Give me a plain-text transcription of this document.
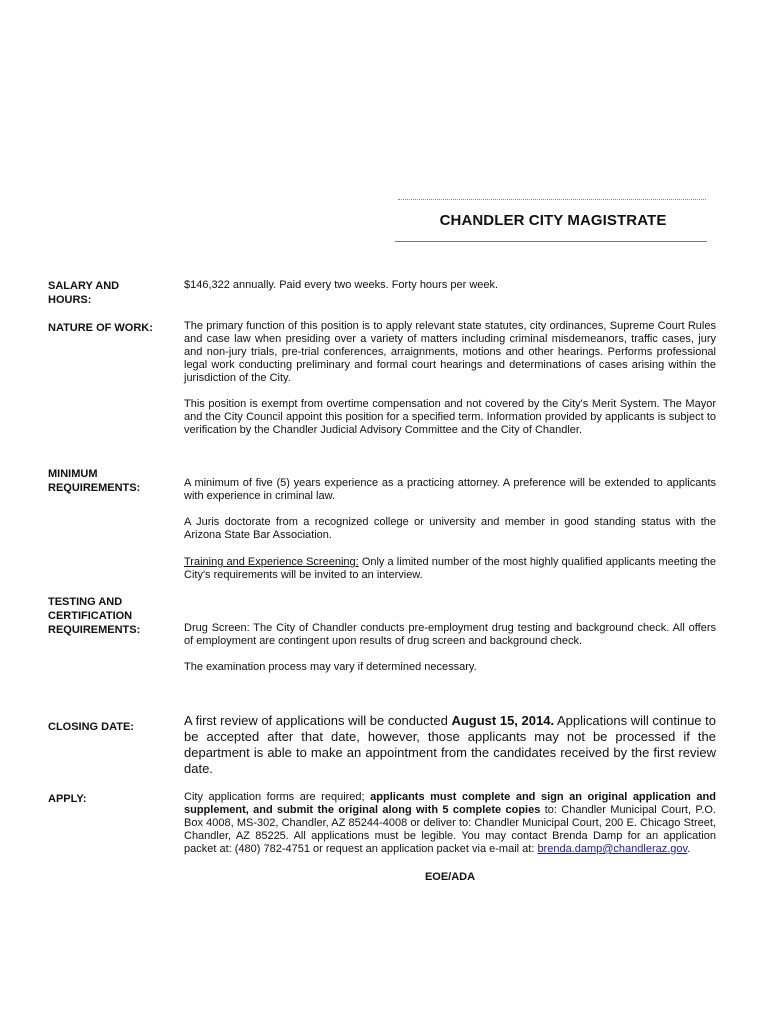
CHANDLER CITY MAGISTRATE
SALARY AND
HOURS:
$146,322 annually. Paid every two weeks. Forty hours per week.
NATURE OF WORK:	The primary function of this position is to apply relevant state statutes, city ordinances, Supreme Court Rules and case law when presiding over a variety of matters including criminal misdemeanors, traffic cases, jury and non-jury trials, pre-trial conferences, arraignments, motions and other hearings. Performs professional legal work conducting preliminary and formal court hearings and determinations of cases arising within the jurisdiction of the City.
This position is exempt from overtime compensation and not covered by the City's Merit System. The Mayor and the City Council appoint this position for a specified term. Information provided by applicants is subject to verification by the Chandler Judicial Advisory Committee and the City of Chandler.
MINIMUM
REQUIREMENTS:	A minimum of five (5) years experience as a practicing attorney. A preference will be extended to applicants with experience in criminal law.
A Juris doctorate from a recognized college or university and member in good standing status with the Arizona State Bar Association.
Training and Experience Screening: Only a limited number of the most highly qualified applicants meeting the City's requirements will be invited to an interview.
TESTING AND
CERTIFICATION
REQUIREMENTS:	Drug Screen: The City of Chandler conducts pre-employment drug testing and background check. All offers of employment are contingent upon results of drug screen and background check.
The examination process may vary if determined necessary.
CLOSING DATE:	A first review of applications will be conducted August 15, 2014. Applications will continue to be accepted after that date, however, those applicants may not be processed if the department is able to make an appointment from the candidates received by the first review date.
APPLY:	City application forms are required; applicants must complete and sign an original application and supplement, and submit the original along with 5 complete copies to: Chandler Municipal Court, P.O. Box 4008, MS-302, Chandler, AZ 85244-4008 or deliver to: Chandler Municipal Court, 200 E. Chicago Street, Chandler, AZ 85225. All applications must be legible. You may contact Brenda Damp for an application packet at: (480) 782-4751 or request an application packet via e-mail at: brenda.damp@chandleraz.gov.
EOE/ADA
